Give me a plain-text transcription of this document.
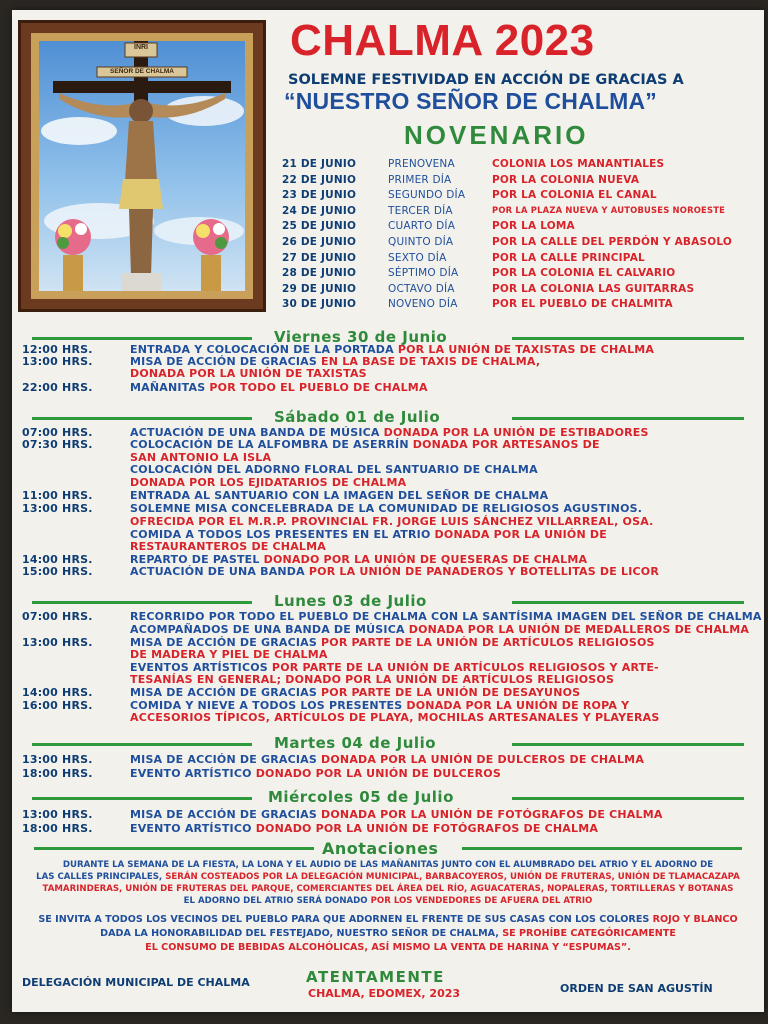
INRI
SEÑOR DE CHALMA
CHALMA 2023
SOLEMNE FESTIVIDAD EN ACCIÓN DE GRACIAS A
“NUESTRO SEÑOR DE CHALMA”
NOVENARIO
21 DE JUNIO	PRENOVENA	COLONIA LOS MANANTIALES
22 DE JUNIO	PRIMER DÍA	POR LA COLONIA NUEVA
23 DE JUNIO	SEGUNDO DÍA	POR LA COLONIA EL CANAL
24 DE JUNIO	TERCER DÍA	POR LA PLAZA NUEVA Y AUTOBUSES NOROESTE
25 DE JUNIO	CUARTO DÍA	POR LA LOMA
26 DE JUNIO	QUINTO DÍA	POR LA CALLE DEL PERDÓN Y ABASOLO
27 DE JUNIO	SEXTO DÍA	POR LA CALLE PRINCIPAL
28 DE JUNIO	SÉPTIMO DÍA	POR LA COLONIA EL CALVARIO
29 DE JUNIO	OCTAVO DÍA	POR LA COLONIA LAS GUITARRAS
30 DE JUNIO	NOVENO DÍA	POR EL PUEBLO DE CHALMITA
Viernes 30 de Junio
12:00 HRS.	ENTRADA Y COLOCACIÓN DE LA PORTADA POR LA UNIÓN DE TAXISTAS DE CHALMA
13:00 HRS.	MISA DE ACCIÓN DE GRACIAS EN LA BASE DE TAXIS DE CHALMA,
DONADA POR LA UNIÓN DE TAXISTAS
22:00 HRS.	MAÑANITAS POR TODO EL PUEBLO DE CHALMA
Sábado 01 de Julio
07:00 HRS.	ACTUACIÓN DE UNA BANDA DE MÚSICA DONADA POR LA UNIÓN DE ESTIBADORES
07:30 HRS.	COLOCACIÓN DE LA ALFOMBRA DE ASERRÍN DONADA POR ARTESANOS DE
SAN ANTONIO LA ISLA
COLOCACIÓN DEL ADORNO FLORAL DEL SANTUARIO DE CHALMA
DONADA POR LOS EJIDATARIOS DE CHALMA
11:00 HRS.	ENTRADA AL SANTUARIO CON LA IMAGEN DEL SEÑOR DE CHALMA
13:00 HRS.	SOLEMNE MISA CONCELEBRADA DE LA COMUNIDAD DE RELIGIOSOS AGUSTINOS.
OFRECIDA POR EL M.R.P. PROVINCIAL FR. JORGE LUIS SÁNCHEZ VILLARREAL, OSA.
COMIDA A TODOS LOS PRESENTES EN EL ATRIO DONADA POR LA UNIÓN DE
RESTAURANTEROS DE CHALMA
14:00 HRS.	REPARTO DE PASTEL DONADO POR LA UNIÓN DE QUESERAS DE CHALMA
15:00 HRS.	ACTUACIÓN DE UNA BANDA POR LA UNIÓN DE PANADEROS Y BOTELLITAS DE LICOR
Lunes 03 de Julio
07:00 HRS.	RECORRIDO POR TODO EL PUEBLO DE CHALMA CON LA SANTÍSIMA IMAGEN DEL SEÑOR DE CHALMA
ACOMPAÑADOS DE UNA BANDA DE MÚSICA DONADA POR LA UNIÓN DE MEDALLEROS DE CHALMA
13:00 HRS.	MISA DE ACCIÓN DE GRACIAS POR PARTE DE LA UNIÓN DE ARTÍCULOS RELIGIOSOS
DE MADERA Y PIEL DE CHALMA
EVENTOS ARTÍSTICOS POR PARTE DE LA UNIÓN DE ARTÍCULOS RELIGIOSOS Y ARTE-
TESANÍAS EN GENERAL; DONADO POR LA UNIÓN DE ARTÍCULOS RELIGIOSOS
14:00 HRS.	MISA DE ACCIÓN DE GRACIAS POR PARTE DE LA UNIÓN DE DESAYUNOS
16:00 HRS.	COMIDA Y NIEVE A TODOS LOS PRESENTES DONADA POR LA UNIÓN DE ROPA Y
ACCESORIOS TÍPICOS, ARTÍCULOS DE PLAYA, MOCHILAS ARTESANALES Y PLAYERAS
Martes 04 de Julio
13:00 HRS.	MISA DE ACCIÓN DE GRACIAS DONADA POR LA UNIÓN DE DULCEROS DE CHALMA
18:00 HRS.	EVENTO ARTÍSTICO DONADO POR LA UNIÓN DE DULCEROS
Miércoles 05 de Julio
13:00 HRS.	MISA DE ACCIÓN DE GRACIAS DONADA POR LA UNIÓN DE FOTÓGRAFOS DE CHALMA
18:00 HRS.	EVENTO ARTÍSTICO DONADO POR LA UNIÓN DE FOTÓGRAFOS DE CHALMA
Anotaciones
DURANTE LA SEMANA DE LA FIESTA, LA LONA Y EL AUDIO DE LAS MAÑANITAS JUNTO CON EL ALUMBRADO DEL ATRIO Y EL ADORNO DE
LAS CALLES PRINCIPALES, SERÁN COSTEADOS POR LA DELEGACIÓN MUNICIPAL, BARBACOYEROS, UNIÓN DE FRUTERAS, UNIÓN DE TLAMACAZAPA
TAMARINDERAS, UNIÓN DE FRUTERAS DEL PARQUE, COMERCIANTES DEL ÁREA DEL RÍO, AGUACATERAS, NOPALERAS, TORTILLERAS Y BOTANAS
EL ADORNO DEL ATRIO SERÁ DONADO POR LOS VENDEDORES DE AFUERA DEL ATRIO
SE INVITA A TODOS LOS VECINOS DEL PUEBLO PARA QUE ADORNEN EL FRENTE DE SUS CASAS CON LOS COLORES ROJO Y BLANCO
DADA LA HONORABILIDAD DEL FESTEJADO, NUESTRO SEÑOR DE CHALMA, SE PROHÍBE CATEGÓRICAMENTE
EL CONSUMO DE BEBIDAS ALCOHÓLICAS, ASÍ MISMO LA VENTA DE HARINA Y “ESPUMAS”.
DELEGACIÓN MUNICIPAL DE CHALMA	ATENTAMENTE
CHALMA, EDOMEX, 2023	ORDEN DE SAN AGUSTÍN
